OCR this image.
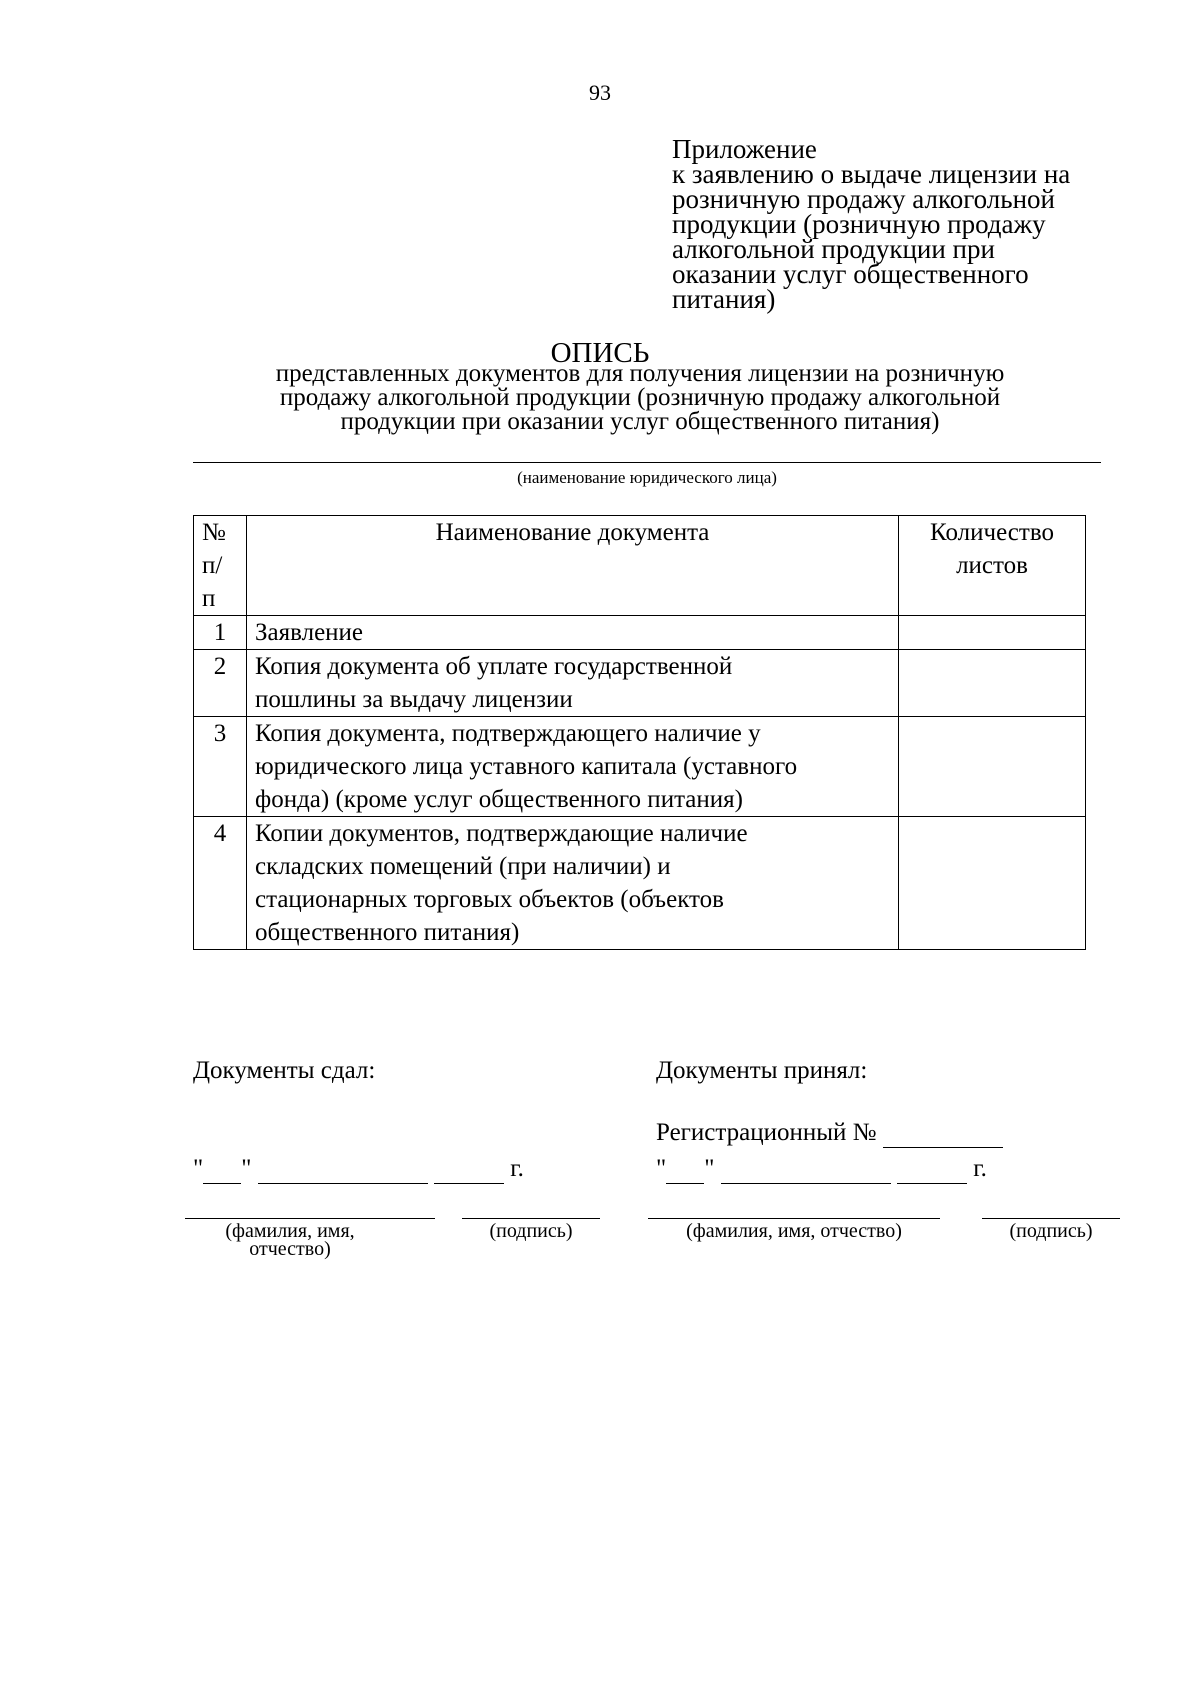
93
Приложение
к заявлению о выдаче лицензии на
розничную продажу алкогольной
продукции (розничную продажу
алкогольной продукции при
оказании услуг общественного
питания)
ОПИСЬ
представленных документов для получения лицензии на розничную
продажу алкогольной продукции (розничную продажу алкогольной
продукции при оказании услуг общественного питания)
(наименование юридического лица)
№
п/
п	Наименование документа	Количество
листов

1	Заявление	

2	Копия документа об уплате государственной
пошлины за выдачу лицензии	

3	Копия документа, подтверждающего наличие у
юридического лица уставного капитала (уставного
фонда) (кроме услуг общественного питания)	

4	Копии документов, подтверждающие наличие
складских помещений (при наличии) и
стационарных торговых объектов (объектов
общественного питания)	

Документы сдал:
" "	г.
(фамилия, имя,
отчество)
(подпись)
Документы принял:
Регистрационный №
" "	г.
(фамилия, имя, отчество)	(подпись)
